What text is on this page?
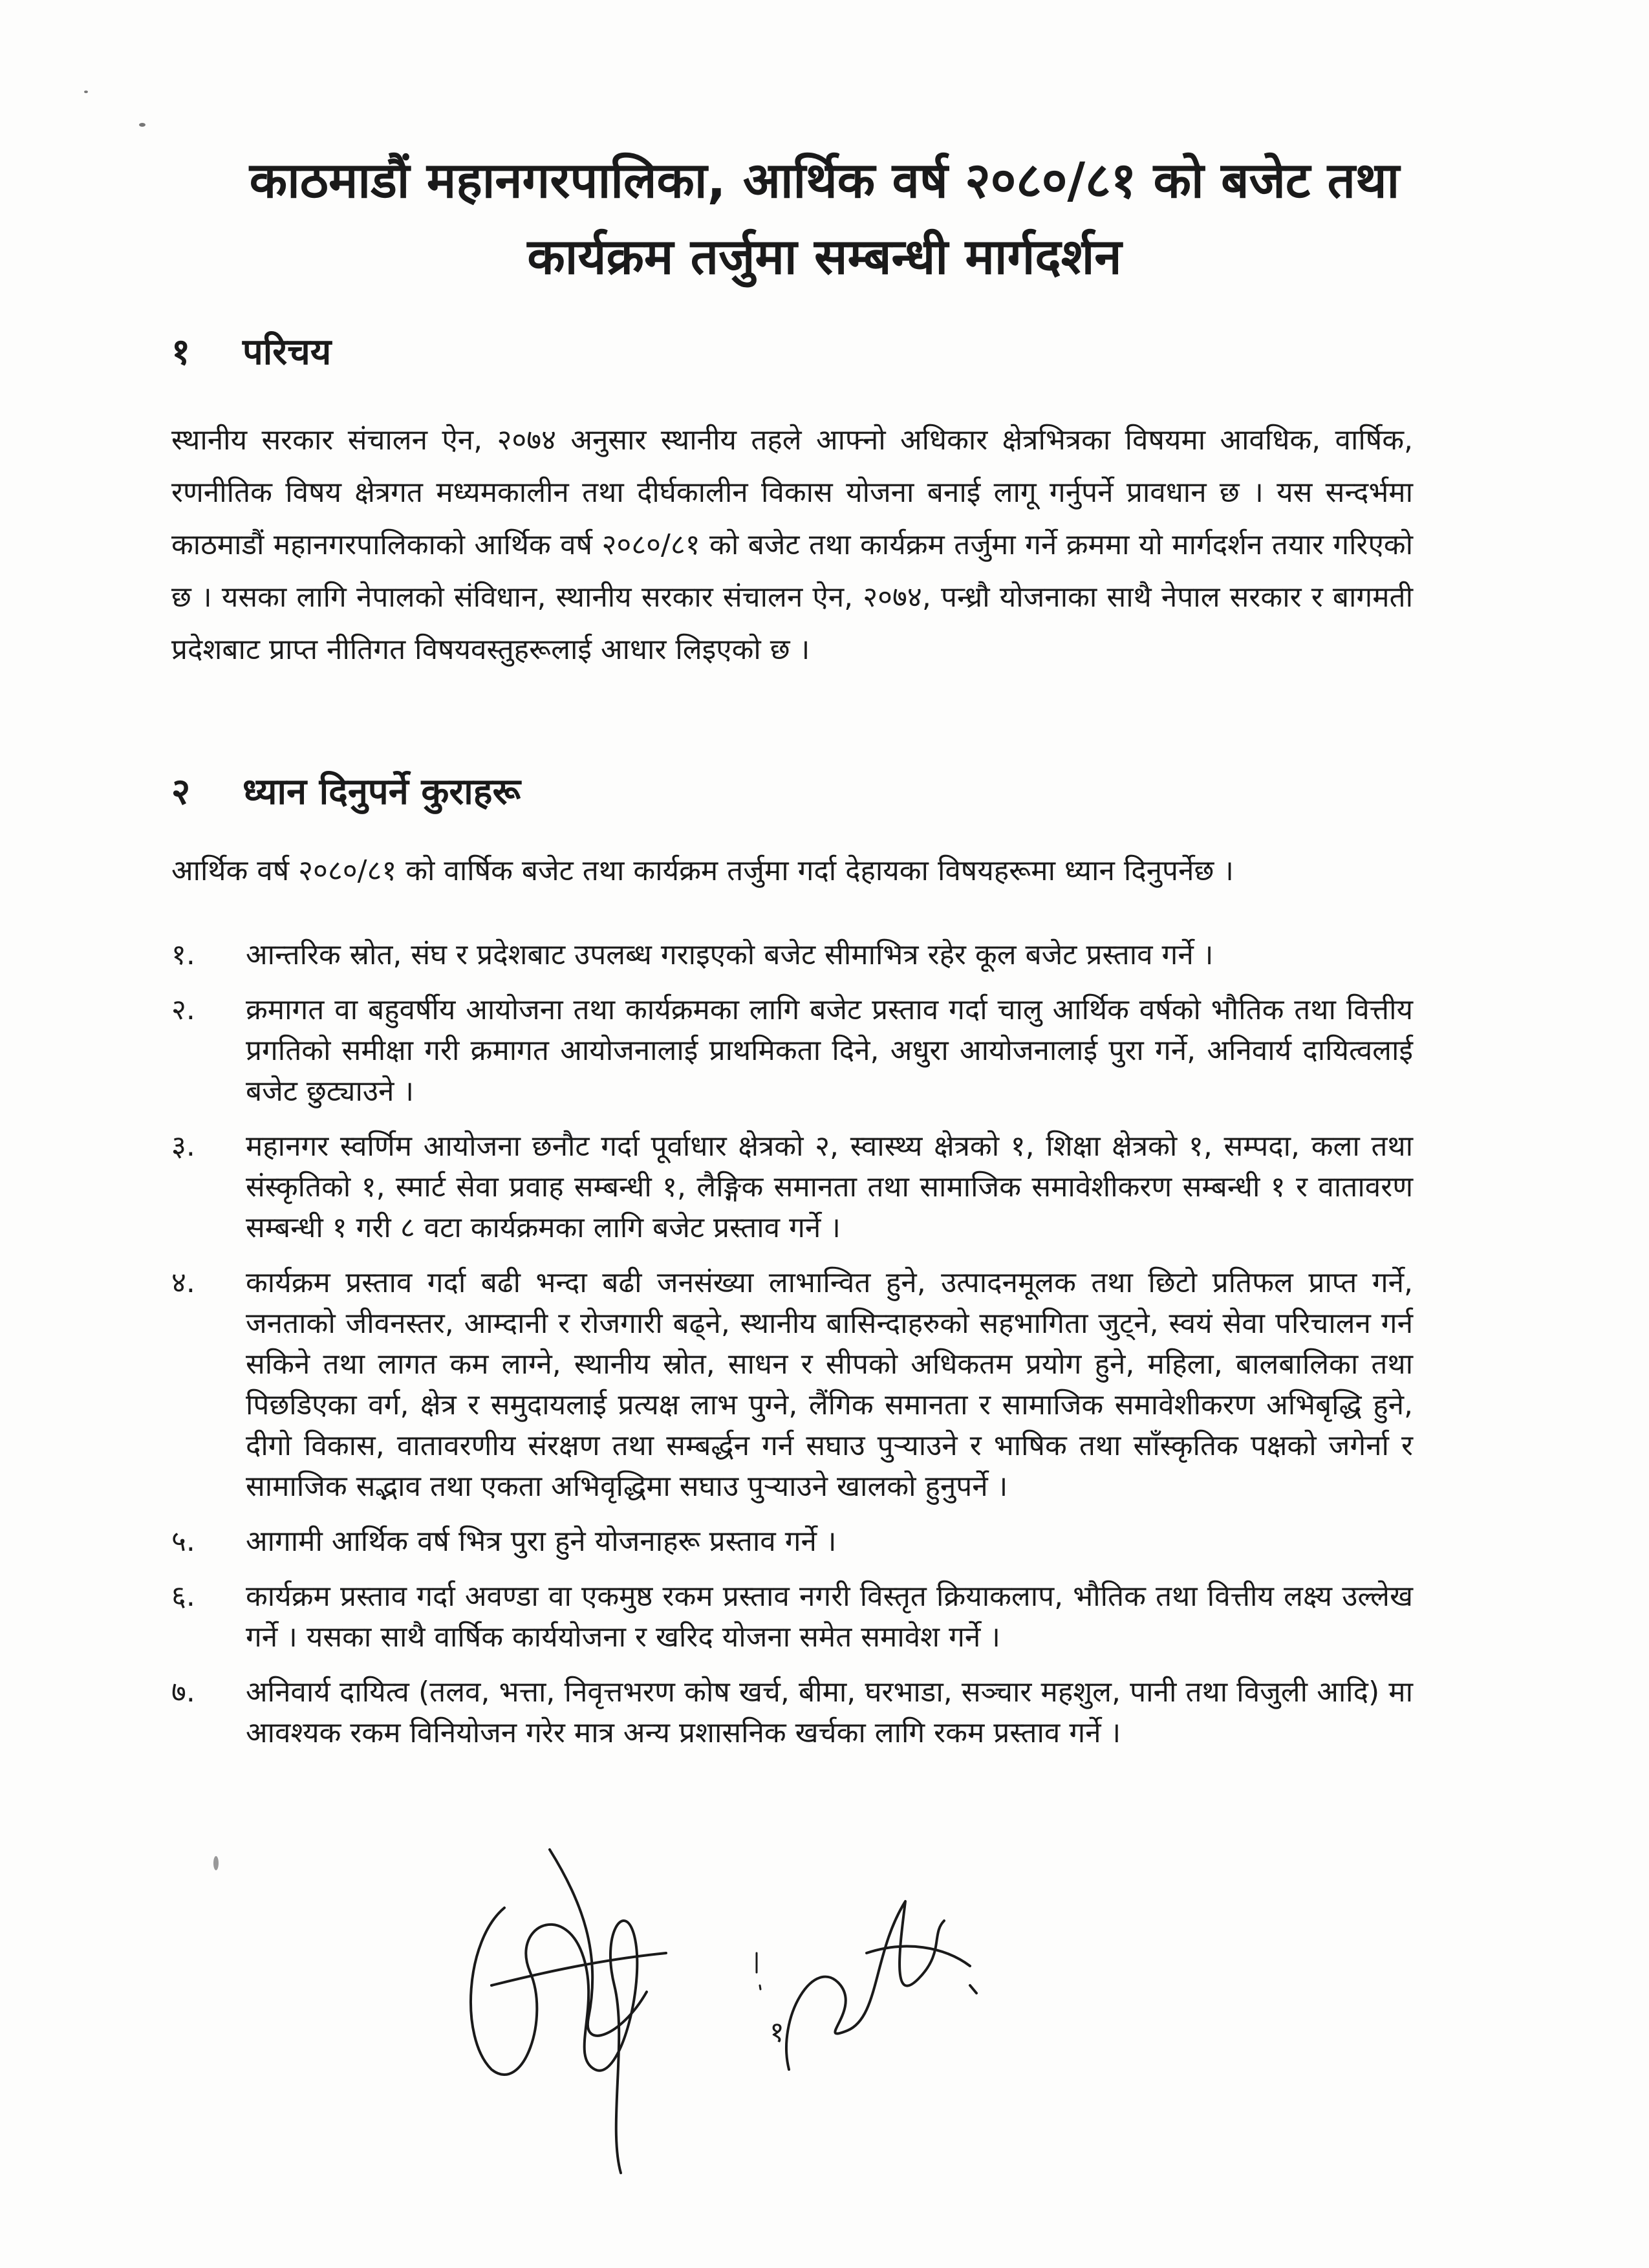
काठमाडौं महानगरपालिका, आर्थिक वर्ष २०८०/८१ को बजेट तथा
कार्यक्रम तर्जुमा सम्बन्धी मार्गदर्शन
१ परिचय
स्थानीय सरकार संचालन ऐन, २०७४ अनुसार स्थानीय तहले आफ्नो अधिकार क्षेत्रभित्रका विषयमा आवधिक, वार्षिक, रणनीतिक विषय क्षेत्रगत मध्यमकालीन तथा दीर्घकालीन विकास योजना बनाई लागू गर्नुपर्ने प्रावधान छ । यस सन्दर्भमा काठमाडौं महानगरपालिकाको आर्थिक वर्ष २०८०/८१ को बजेट तथा कार्यक्रम तर्जुमा गर्ने क्रममा यो मार्गदर्शन तयार गरिएको छ । यसका लागि नेपालको संविधान, स्थानीय सरकार संचालन ऐन, २०७४, पन्ध्रौ योजनाका साथै नेपाल सरकार र बागमती प्रदेशबाट प्राप्त नीतिगत विषयवस्तुहरूलाई आधार लिइएको छ ।
२ ध्यान दिनुपर्ने कुराहरू
आर्थिक वर्ष २०८०/८१ को वार्षिक बजेट तथा कार्यक्रम तर्जुमा गर्दा देहायका विषयहरूमा ध्यान दिनुपर्नेछ ।
१. आन्तरिक स्रोत, संघ र प्रदेशबाट उपलब्ध गराइएको बजेट सीमाभित्र रहेर कूल बजेट प्रस्ताव गर्ने ।
२. क्रमागत वा बहुवर्षीय आयोजना तथा कार्यक्रमका लागि बजेट प्रस्ताव गर्दा चालु आर्थिक वर्षको भौतिक तथा वित्तीय प्रगतिको समीक्षा गरी क्रमागत आयोजनालाई प्राथमिकता दिने, अधुरा आयोजनालाई पुरा गर्ने, अनिवार्य दायित्वलाई बजेट छुट्याउने ।
३. महानगर स्वर्णिम आयोजना छनौट गर्दा पूर्वाधार क्षेत्रको २, स्वास्थ्य क्षेत्रको १, शिक्षा क्षेत्रको १, सम्पदा, कला तथा संस्कृतिको १, स्मार्ट सेवा प्रवाह सम्बन्धी १, लैङ्गिक समानता तथा सामाजिक समावेशीकरण सम्बन्धी १ र वातावरण सम्बन्धी १ गरी ८ वटा कार्यक्रमका लागि बजेट प्रस्ताव गर्ने ।
४. कार्यक्रम प्रस्ताव गर्दा बढी भन्दा बढी जनसंख्या लाभान्वित हुने, उत्पादनमूलक तथा छिटो प्रतिफल प्राप्त गर्ने, जनताको जीवनस्तर, आम्दानी र रोजगारी बढ्ने, स्थानीय बासिन्दाहरुको सहभागिता जुट्ने, स्वयं सेवा परिचालन गर्न सकिने तथा लागत कम लाग्ने, स्थानीय स्रोत, साधन र सीपको अधिकतम प्रयोग हुने, महिला, बालबालिका तथा पिछडिएका वर्ग, क्षेत्र र समुदायलाई प्रत्यक्ष लाभ पुग्ने, लैंगिक समानता र सामाजिक समावेशीकरण अभिबृद्धि हुने, दीगो विकास, वातावरणीय संरक्षण तथा सम्बर्द्धन गर्न सघाउ पुर्‍याउने र भाषिक तथा साँस्कृतिक पक्षको जगेर्ना र सामाजिक सद्भाव तथा एकता अभिवृद्धिमा सघाउ पुर्‍याउने खालको हुनुपर्ने ।
५. आगामी आर्थिक वर्ष भित्र पुरा हुने योजनाहरू प्रस्ताव गर्ने ।
६. कार्यक्रम प्रस्ताव गर्दा अवण्डा वा एकमुष्ठ रकम प्रस्ताव नगरी विस्तृत क्रियाकलाप, भौतिक तथा वित्तीय लक्ष्य उल्लेख गर्ने । यसका साथै वार्षिक कार्ययोजना र खरिद योजना समेत समावेश गर्ने ।
७. अनिवार्य दायित्व (तलव, भत्ता, निवृत्तभरण कोष खर्च, बीमा, घरभाडा, सञ्चार महशुल, पानी तथा विजुली आदि) मा आवश्यक रकम विनियोजन गरेर मात्र अन्य प्रशासनिक खर्चका लागि रकम प्रस्ताव गर्ने ।
१
